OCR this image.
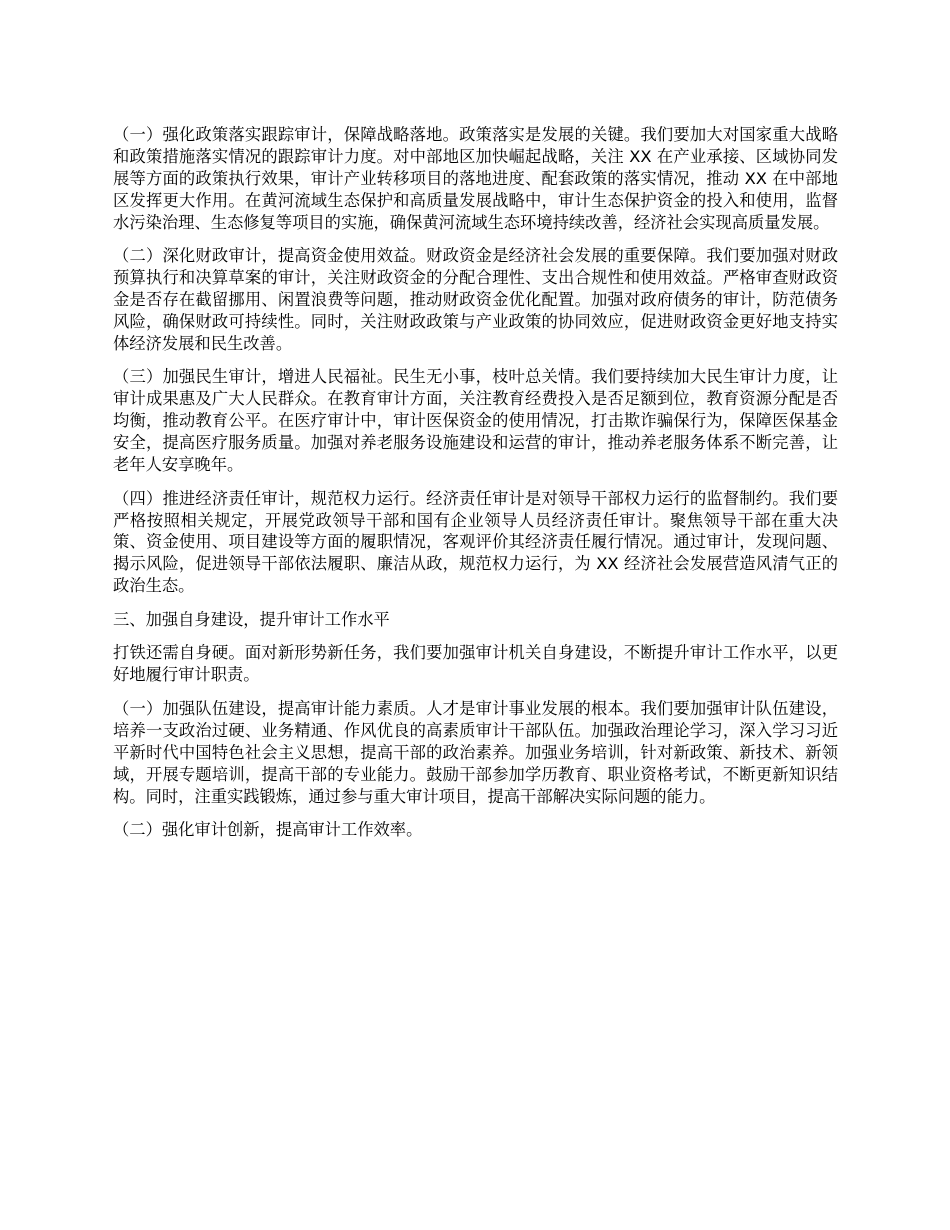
（一）强化政策落实跟踪审计，保障战略落地。政策落实是发展的关键。我们要加大对国家重大战略和政策措施落实情况的跟踪审计力度。对中部地区加快崛起战略，关注 XX 在产业承接、区域协同发展等方面的政策执行效果，审计产业转移项目的落地进度、配套政策的落实情况，推动 XX 在中部地区发挥更大作用。在黄河流域生态保护和高质量发展战略中，审计生态保护资金的投入和使用，监督水污染治理、生态修复等项目的实施，确保黄河流域生态环境持续改善，经济社会实现高质量发展。

（二）深化财政审计，提高资金使用效益。财政资金是经济社会发展的重要保障。我们要加强对财政预算执行和决算草案的审计，关注财政资金的分配合理性、支出合规性和使用效益。严格审查财政资金是否存在截留挪用、闲置浪费等问题，推动财政资金优化配置。加强对政府债务的审计，防范债务风险，确保财政可持续性。同时，关注财政政策与产业政策的协同效应，促进财政资金更好地支持实体经济发展和民生改善。

（三）加强民生审计，增进人民福祉。民生无小事，枝叶总关情。我们要持续加大民生审计力度，让审计成果惠及广大人民群众。在教育审计方面，关注教育经费投入是否足额到位，教育资源分配是否均衡，推动教育公平。在医疗审计中，审计医保资金的使用情况，打击欺诈骗保行为，保障医保基金安全，提高医疗服务质量。加强对养老服务设施建设和运营的审计，推动养老服务体系不断完善，让老年人安享晚年。

（四）推进经济责任审计，规范权力运行。经济责任审计是对领导干部权力运行的监督制约。我们要严格按照相关规定，开展党政领导干部和国有企业领导人员经济责任审计。聚焦领导干部在重大决策、资金使用、项目建设等方面的履职情况，客观评价其经济责任履行情况。通过审计，发现问题、揭示风险，促进领导干部依法履职、廉洁从政，规范权力运行，为 XX 经济社会发展营造风清气正的政治生态。

三、加强自身建设，提升审计工作水平

打铁还需自身硬。面对新形势新任务，我们要加强审计机关自身建设，不断提升审计工作水平，以更好地履行审计职责。

（一）加强队伍建设，提高审计能力素质。人才是审计事业发展的根本。我们要加强审计队伍建设，培养一支政治过硬、业务精通、作风优良的高素质审计干部队伍。加强政治理论学习，深入学习习近平新时代中国特色社会主义思想，提高干部的政治素养。加强业务培训，针对新政策、新技术、新领域，开展专题培训，提高干部的专业能力。鼓励干部参加学历教育、职业资格考试，不断更新知识结构。同时，注重实践锻炼，通过参与重大审计项目，提高干部解决实际问题的能力。

（二）强化审计创新，提高审计工作效率。
